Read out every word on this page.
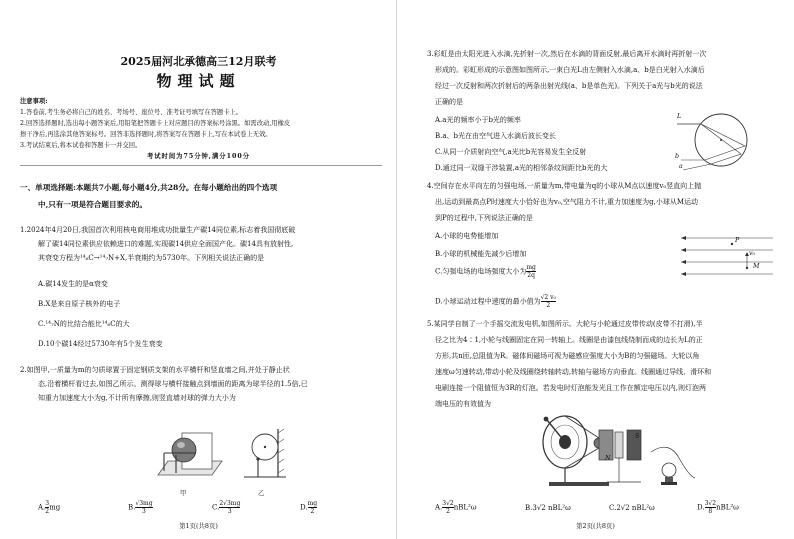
2025届河北承德高三12月联考
物理试题
注意事项:
1.答卷前,考生务必将自己的姓名、考场号、座位号、准考证号填写在答题卡上。
2.回答选择题时,选出每小题答案后,用铅笔把答题卡上对应题目的答案标号涂黑。如需改动,用橡皮
擦干净后,再选涂其他答案标号。回答非选择题时,将答案写在答题卡上,写在本试卷上无效。
3.考试结束后,将本试卷和答题卡一并交回。
考试时间为75分钟,满分100分
一、单项选择题:本题共7小题,每小题4分,共28分。在每小题给出的四个选项
中,只有一项是符合题目要求的。
1.2024年4月20日,我国首次利用核电商用堆成功批量生产碳14同位素,标志着我国彻底破
解了碳14同位素供应依赖进口的难题,实现碳14供应全面国产化。碳14具有放射性,
其衰变方程为¹⁴₆C→¹⁴₇N+X,半衰期约为5730年。下列相关说法正确的是
A.碳14发生的是α衰变
B.X是来自原子核外的电子
C.¹⁴₇N的比结合能比¹⁴₆C的大
D.10个碳14经过5730年有5个发生衰变
2.如图甲,一质量为m的匀质球置于固定钢质支架的水平横杆和竖直墙之间,并处于静止状
态,沿着横杆看过去,如图乙所示。测得球与横杆接触点到墙面的距离为球半径的1.5倍,已
知重力加速度大小为g,不计所有摩擦,则竖直墙对球的弹力大小为
甲	乙
A. $\frac{3}{2}$ mg	B. $\frac{√3mg}{3}$	C. $\frac{2√3mg}{3}$	D. $\frac{mg}{2}$
第1页(共8页)
3.彩虹是由太阳光进入水滴,先折射一次,然后在水滴的背面反射,最后离开水滴时再折射一次
形成的。彩虹形成的示意图如图所示,一束白光L由左侧射入水滴,a、b是白光射入水滴后
经过一次反射和两次折射后的两条出射光线(a、b是单色光)。下列关于a光与b光的说法
正确的是
A.a光的频率小于b光的频率
B.a、b光在由空气进入水滴后波长变长
C.从同一介质射向空气,a光比b光容易发生全反射
D.通过同一双缝干涉装置,a光的相邻条纹间距比b光的大
L
a
b
4.空间存在水平向左的匀强电场,一质量为m,带电量为q的小球从M点以速度v₀竖直向上抛
出,运动到最高点P时速度大小恰好也为v₀,空气阻力不计,重力加速度为g,小球从M运动
到P的过程中,下列说法正确的是
A.小球的电势能增加
B.小球的机械能先减少后增加
C.匀强电场的电场强度大小为 $\frac{mg}{2q}$
D.小球运动过程中速度的最小值为 $\frac{\text{√2 v₀}}{2}$
P
M
v₀
5.某同学自制了一个手摇交流发电机,如图所示。大轮与小轮通过皮带传动(皮带不打滑),半
径之比为4∶1,小轮与线圈固定在同一转轴上。线圈是由漆包线绕制而成的边长为L的正
方形,共n匝,总阻值为R。磁体间磁场可视为磁感应强度大小为B的匀强磁场。大轮以角
速度ω匀速转动,带动小轮及线圈绕转轴转动,转轴与磁场方向垂直。线圈通过导线、滑环和
电刷连接一个阻值恒为3R的灯泡。若发电时灯泡能发光且工作在额定电压以内,则灯泡两
端电压的有效值为
N
S
A. $\frac{3√2}{2} nBL^2\omega$	B.3√2 nBL²ω	C.2√2 nBL²ω	D. $\frac{3√2}{8} nBL^2\omega$
第2页(共8页)
